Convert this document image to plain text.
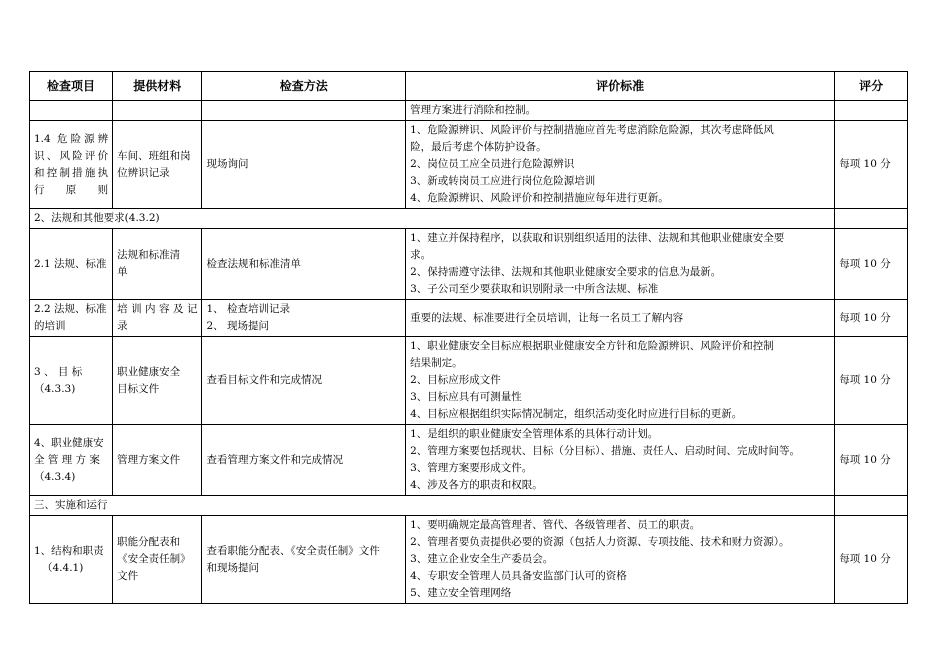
检查项目	提供材料	检查方法	评价标准	评分

			管理方案进行消除和控制。	

1.4 危险源辨
识、风险评价
和控制措施执
行原则	车间、班组和岗
位辨识记录	现场询问	1、危险源辨识、风险评价与控制措施应首先考虑消除危险源，其次考虑降低风
险，最后考虑个体防护设备。
2、岗位员工应全员进行危险源辨识
3、新或转岗员工应进行岗位危险源培训
4、危险源辨识、风险评价和控制措施应每年进行更新。	每项 10 分
2、法规和其他要求(4.3.2)				

2.1 法规、标准	法规和标准清
单	检查法规和标准清单	1、建立并保持程序，以获取和识别组织适用的法律、法规和其他职业健康安全要
求。
2、保持需遵守法律、法规和其他职业健康安全要求的信息为最新。
3、子公司至少要获取和识别附录一中所含法规、标准	每项 10 分

2.2 法规、标准
的培训	培训内容及记
录	1、 检查培训记录
2、 现场提问	重要的法规、标准要进行全员培训，让每一名员工了解内容	每项 10 分

3 、 目 标
（4.3.3)	职业健康安全
目标文件	查看目标文件和完成情况	1、职业健康安全目标应根据职业健康安全方针和危险源辨识、风险评价和控制
结果制定。
2、目标应形成文件
3、目标应具有可测量性
4、目标应根据组织实际情况制定，组织活动变化时应进行目标的更新。	每项 10 分

4、职业健康安
全 管 理 方 案
（4.3.4)	管理方案文件	查看管理方案文件和完成情况	1、是组织的职业健康安全管理体系的具体行动计划。
2、管理方案要包括现状、目标（分目标）、措施、责任人、启动时间、完成时间等。
3、管理方案要形成文件。
4、涉及各方的职责和权限。	每项 10 分
三、实施和运行				

1、结构和职责
（4.4.1)	职能分配表和
《安全责任制》
文件	查看职能分配表、《安全责任制》文件
和现场提问	1、要明确规定最高管理者、管代、各级管理者、员工的职责。
2、管理者要负责提供必要的资源（包括人力资源、专项技能、技术和财力资源）。
3、建立企业安全生产委员会。
4、专职安全管理人员具备安监部门认可的资格
5、建立安全管理网络	每项 10 分
